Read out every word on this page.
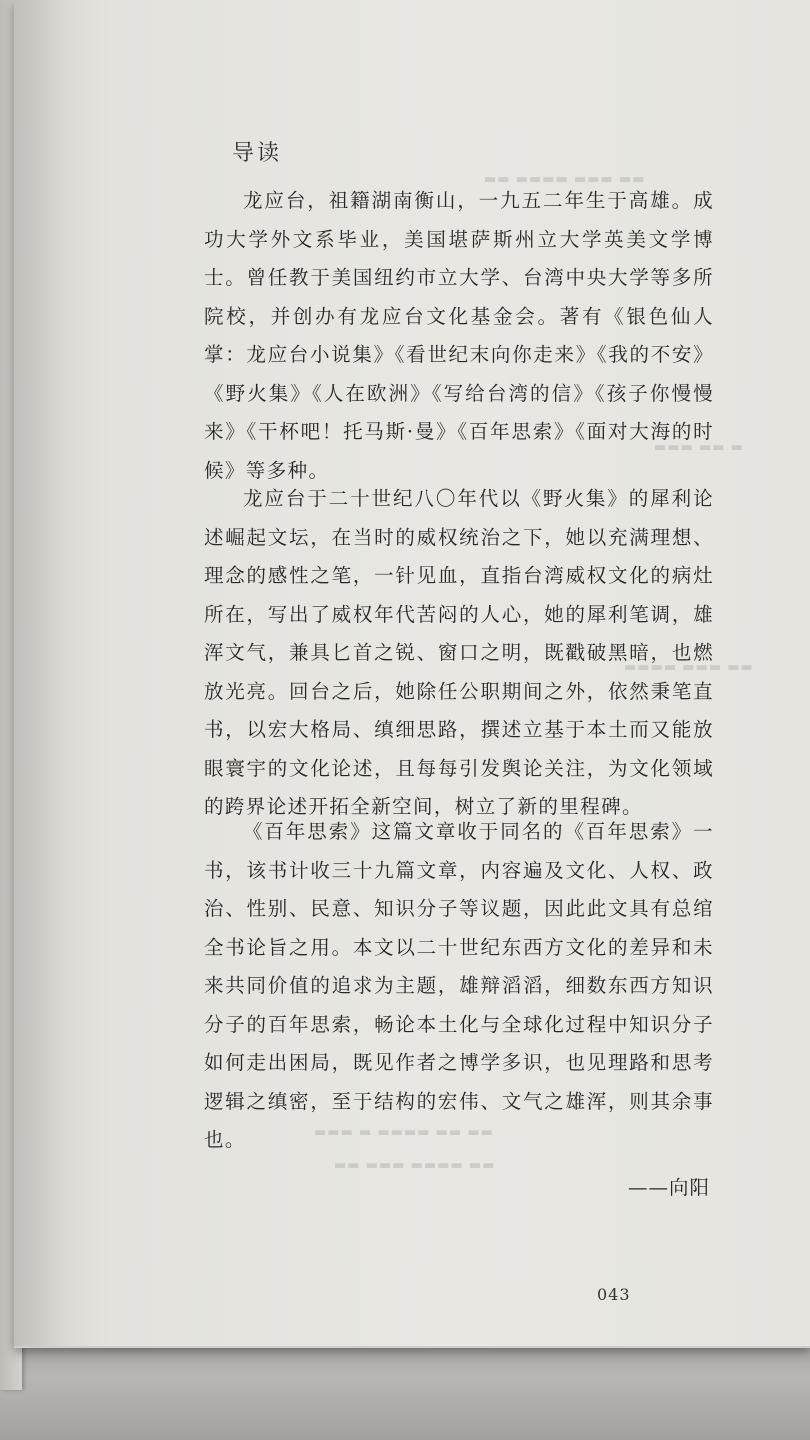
▬▬ ▬▬▬▬ ▬▬▬ ▬▬
▬▬▬ ▬▬ ▬
▬▬▬▬ ▬▬▬ ▬▬
▬▬▬ ▬ ▬▬▬▬ ▬▬ ▬▬
▬▬ ▬▬▬ ▬▬▬▬ ▬▬
导读

龙应台，祖籍湖南衡山，一九五二年生于高雄。成功大学外文系毕业，美国堪萨斯州立大学英美文学博士。曾任教于美国纽约市立大学、台湾中央大学等多所院校，并创办有龙应台文化基金会。著有《银色仙人掌：龙应台小说集》《看世纪末向你走来》《我的不安》《野火集》《人在欧洲》《写给台湾的信》《孩子你慢慢来》《干杯吧！托马斯·曼》《百年思索》《面对大海的时候》等多种。

龙应台于二十世纪八〇年代以《野火集》的犀利论述崛起文坛，在当时的威权统治之下，她以充满理想、理念的感性之笔，一针见血，直指台湾威权文化的病灶所在，写出了威权年代苦闷的人心，她的犀利笔调，雄浑文气，兼具匕首之锐、窗口之明，既戳破黑暗，也燃放光亮。回台之后，她除任公职期间之外，依然秉笔直书，以宏大格局、缜细思路，撰述立基于本土而又能放眼寰宇的文化论述，且每每引发舆论关注，为文化领域的跨界论述开拓全新空间，树立了新的里程碑。

《百年思索》这篇文章收于同名的《百年思索》一书，该书计收三十九篇文章，内容遍及文化、人权、政治、性别、民意、知识分子等议题，因此此文具有总绾全书论旨之用。本文以二十世纪东西方文化的差异和未来共同价值的追求为主题，雄辩滔滔，细数东西方知识分子的百年思索，畅论本土化与全球化过程中知识分子如何走出困局，既见作者之博学多识，也见理路和思考逻辑之缜密，至于结构的宏伟、文气之雄浑，则其余事也。

——向阳
043
